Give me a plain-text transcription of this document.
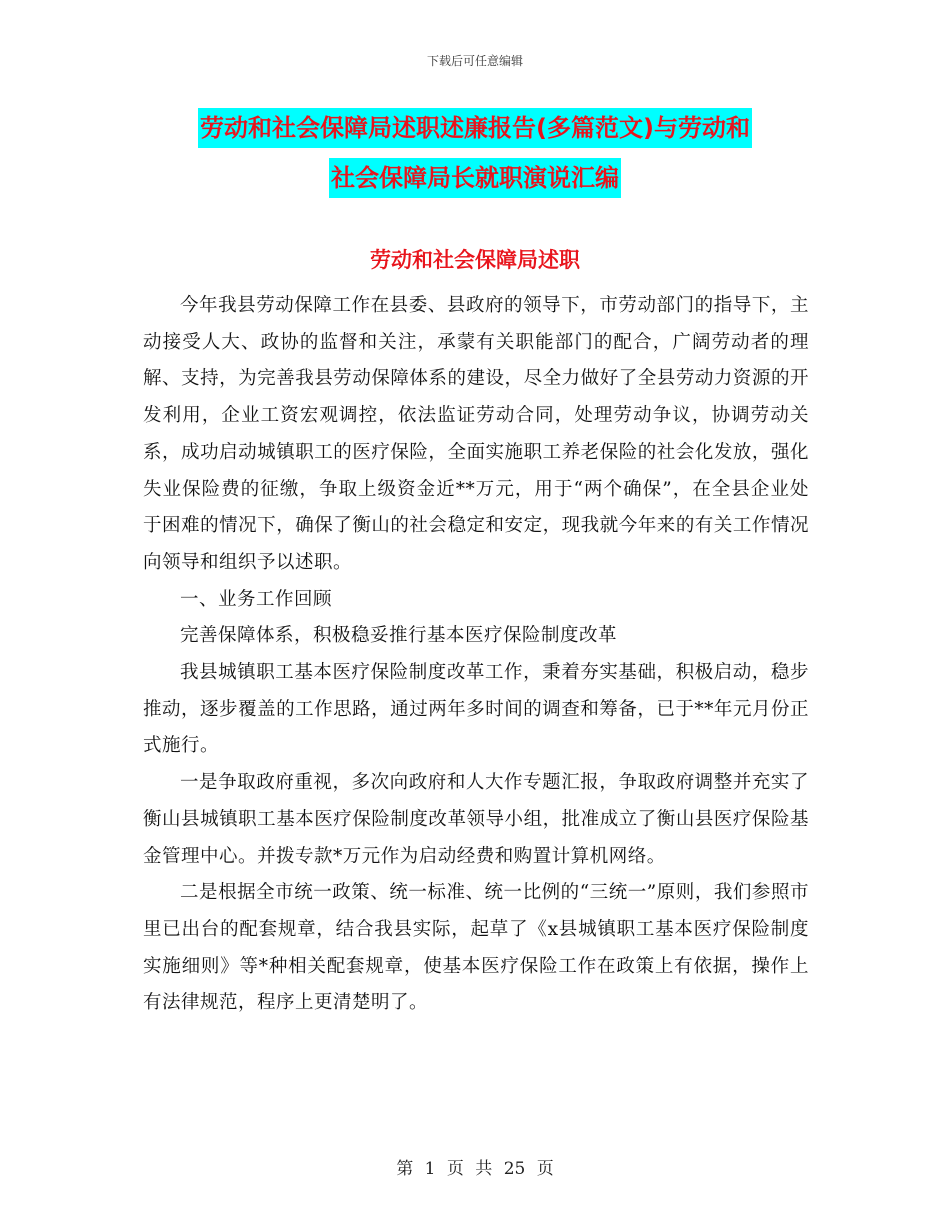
下载后可任意编辑
劳动和社会保障局述职述廉报告(多篇范文)与劳动和
社会保障局长就职演说汇编
劳动和社会保障局述职

今年我县劳动保障工作在县委、县政府的领导下，市劳动部门的指导下，主动接受人大、政协的监督和关注，承蒙有关职能部门的配合，广阔劳动者的理解、支持，为完善我县劳动保障体系的建设，尽全力做好了全县劳动力资源的开发利用，企业工资宏观调控，依法监证劳动合同，处理劳动争议，协调劳动关系，成功启动城镇职工的医疗保险，全面实施职工养老保险的社会化发放，强化失业保险费的征缴，争取上级资金近**万元，用于“两个确保”，在全县企业处于困难的情况下，确保了衡山的社会稳定和安定，现我就今年来的有关工作情况向领导和组织予以述职。

一、业务工作回顾

完善保障体系，积极稳妥推行基本医疗保险制度改革

我县城镇职工基本医疗保险制度改革工作，秉着夯实基础，积极启动，稳步推动，逐步覆盖的工作思路，通过两年多时间的调查和筹备，已于**年元月份正式施行。

一是争取政府重视，多次向政府和人大作专题汇报，争取政府调整并充实了衡山县城镇职工基本医疗保险制度改革领导小组，批准成立了衡山县医疗保险基金管理中心。并拨专款*万元作为启动经费和购置计算机网络。

二是根据全市统一政策、统一标准、统一比例的“三统一”原则，我们参照市里已出台的配套规章，结合我县实际，起草了《x县城镇职工基本医疗保险制度实施细则》等*种相关配套规章，使基本医疗保险工作在政策上有依据，操作上有法律规范，程序上更清楚明了。

第 1 页 共 25 页
